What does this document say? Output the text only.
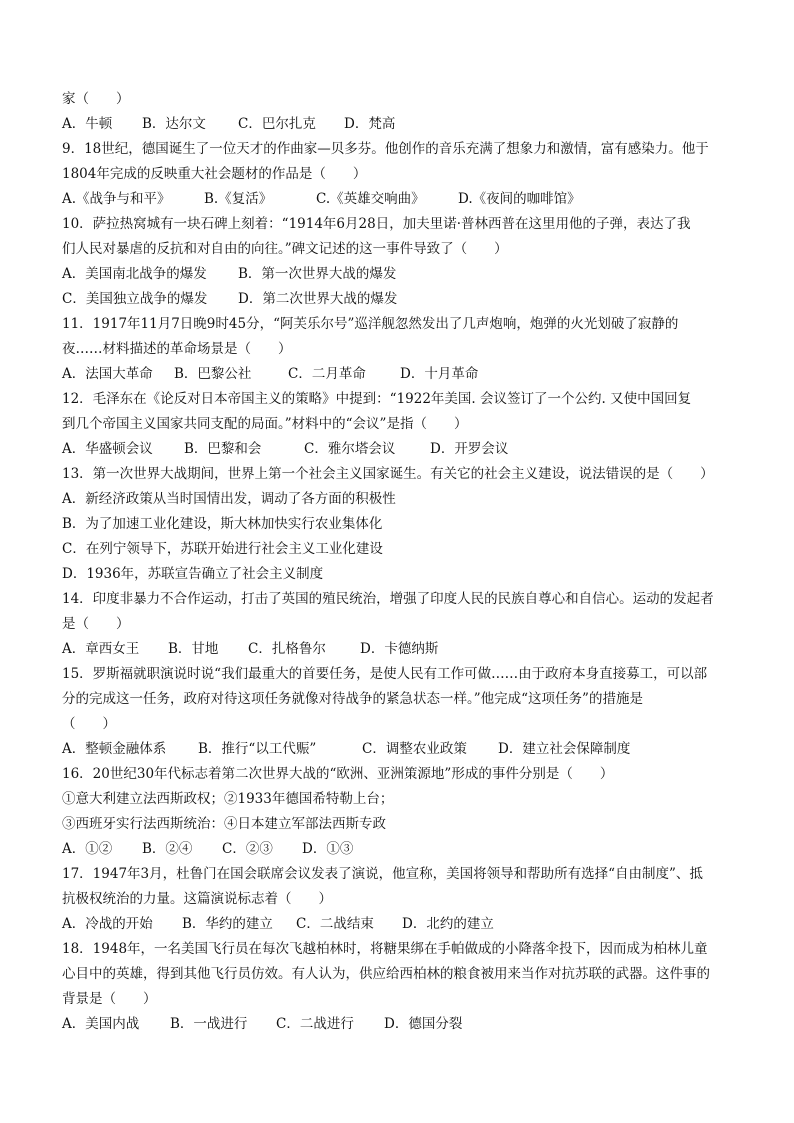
家（　　）
A．牛顿 B．达尔文 C．巴尔扎克 D．梵高
9．18世纪，德国诞生了一位天才的作曲家—贝多芬。他创作的音乐充满了想象力和激情，富有感染力。他于
1804年完成的反映重大社会题材的作品是（　　）
A.《战争与和平》 B.《复活》	C.《英雄交响曲》 D.《夜间的咖啡馆》
10．萨拉热窝城有一块石碑上刻着：“1914年6月28日，加夫里诺·普林西普在这里用他的子弹，表达了我
们人民对暴虐的反抗和对自由的向往。”碑文记述的这一事件导致了（　　）
A．美国南北战争的爆发 B．第一次世界大战的爆发
C．美国独立战争的爆发 D．第二次世界大战的爆发
11．1917年11月7日晚9时45分，“阿芙乐尔号”巡洋舰忽然发出了几声炮响，炮弹的火光划破了寂静的
夜……材料描述的革命场景是（　　）
A．法国大革命 B．巴黎公社	C．二月革命	D．十月革命
12．毛泽东在《论反对日本帝国主义的策略》中提到：“1922年美国. 会议签订了一个公约. 又使中国回复
到几个帝国主义国家共同支配的局面。”材料中的“会议”是指（　　）
A．华盛顿会议 B．巴黎和会	C．雅尔塔会议	D．开罗会议
13．第一次世界大战期间，世界上第一个社会主义国家诞生。有关它的社会主义建设，说法错误的是（　　）
A．新经济政策从当时国情出发，调动了各方面的积极性
B．为了加速工业化建设，斯大林加快实行农业集体化
C．在列宁领导下，苏联开始进行社会主义工业化建设
D．1936年，苏联宣告确立了社会主义制度
14．印度非暴力不合作运动，打击了英国的殖民统治，增强了印度人民的民族自尊心和自信心。运动的发起者
是（　　）
A．章西女王 B．甘地 C．扎格鲁尔	D．卡德纳斯
15．罗斯福就职演说时说“我们最重大的首要任务，是使人民有工作可做……由于政府本身直接募工，可以部
分的完成这一任务，政府对待这项任务就像对待战争的紧急状态一样。”他完成“这项任务”的措施是
（　　）
A．整顿金融体系 B．推行“以工代赈”	C．调整农业政策 D．建立社会保障制度
16．20世纪30年代标志着第二次世界大战的“欧洲、亚洲策源地”形成的事件分别是（　　）
①意大利建立法西斯政权；②1933年德国希特勒上台；
③西班牙实行法西斯统治：④日本建立军部法西斯专政
A．①② B．②④ C．②③ D．①③
17．1947年3月，杜鲁门在国会联席会议发表了演说，他宣称，美国将领导和帮助所有选择“自由制度”、抵
抗极权统治的力量。这篇演说标志着（　　）
A．冷战的开始 B．华约的建立 C．二战结束 D．北约的建立
18．1948年，一名美国飞行员在每次飞越柏林时，将糖果绑在手帕做成的小降落伞投下，因而成为柏林儿童
心目中的英雄，得到其他飞行员仿效。有人认为，供应给西柏林的粮食被用来当作对抗苏联的武器。这件事的
背景是（　　）
A．美国内战 B．一战进行 C．二战进行 D．德国分裂
